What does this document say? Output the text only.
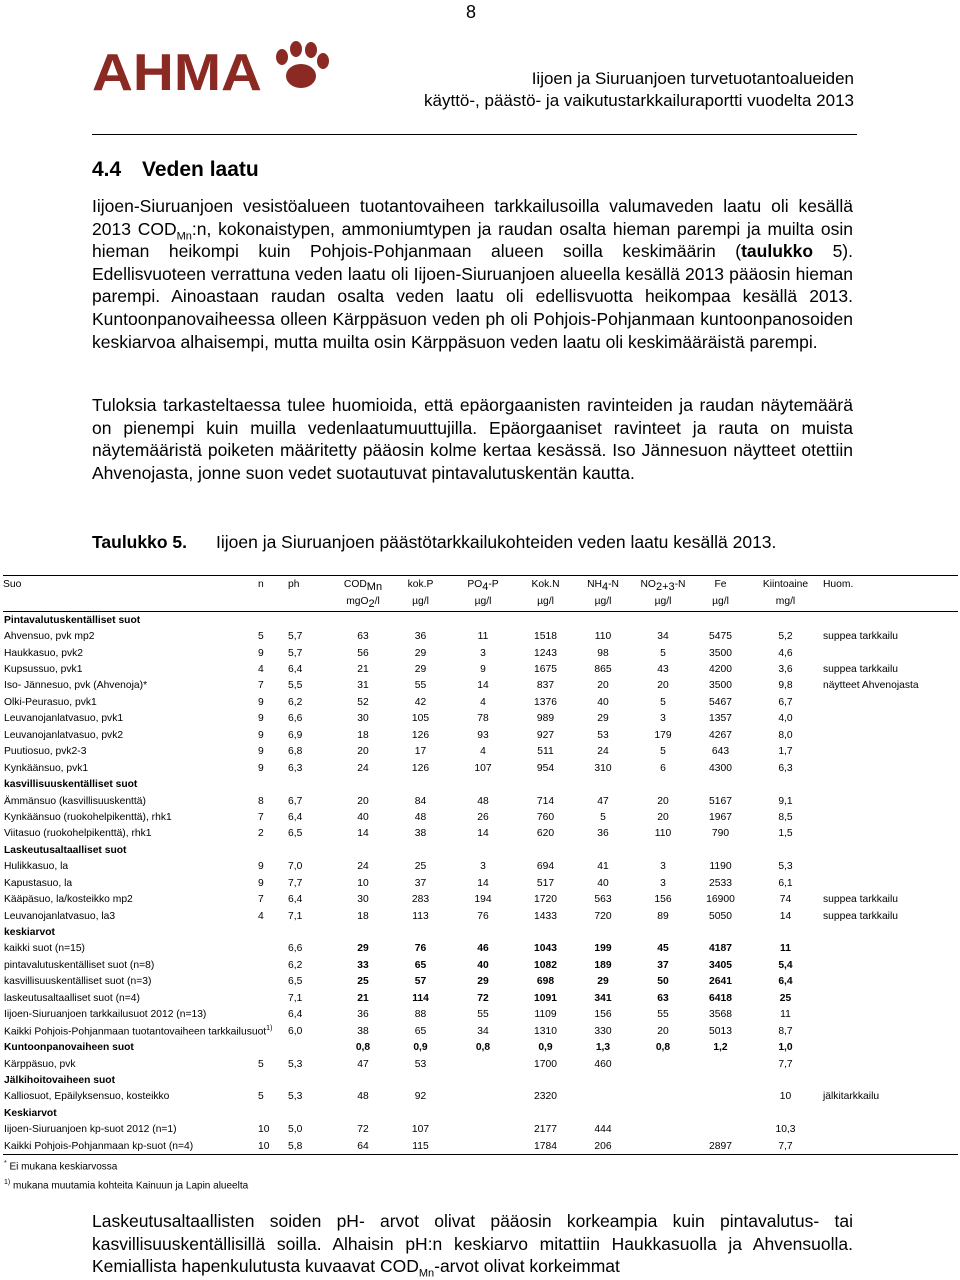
8
AHMA	Iijoen ja Siuruanjoen turvetuotantoalueiden
käyttö-, päästö- ja vaikutustarkkailuraportti vuodelta 2013
4.4 Veden laatu

Iijoen-Siuruanjoen vesistöalueen tuotantovaiheen tarkkailusoilla valumaveden laatu oli kesällä 2013 $COD_{Mn}:n$, kokonaistypen, ammoniumtypen ja raudan osalta hieman parempi ja muilta osin hieman heikompi kuin Pohjois-Pohjanmaan alueen soilla keskimäärin (taulukko 5). Edellisvuoteen verrattuna veden laatu oli Iijoen-Siuruanjoen alueella kesällä 2013 pääosin hieman parempi. Ainoastaan raudan osalta veden laatu oli edellisvuotta heikompaa kesällä 2013. Kuntoonpanovaiheessa olleen Kärppäsuon veden ph oli Pohjois-Pohjanmaan kuntoonpanosoiden keskiarvoa alhaisempi, mutta muilta osin Kärppäsuon veden laatu oli keskimääräistä parempi.

Tuloksia tarkasteltaessa tulee huomioida, että epäorgaanisten ravinteiden ja raudan näytemäärä on pienempi kuin muilla vedenlaatumuuttujilla. Epäorgaaniset ravinteet ja rauta on muista näytemääristä poiketen määritetty pääosin kolme kertaa kesässä. Iso Jännesuon näytteet otettiin Ahvenojasta, jonne suon vedet suotautuvat pintavalutuskentän kautta.

Taulukko 5. Iijoen ja Siuruanjoen päästötarkkailukohteiden veden laatu kesällä 2013.
Suo	n	ph	$COD_{Mn}$	kok.P	$PO_4-P$	Kok.N	$NH_4-N$	$NO_{2+3}-N$	Fe	Kiintoaine	Huom.
			mgO$_2$/l	µg/l	µg/l	µg/l	µg/l	µg/l	µg/l	mg/l	
Pintavalutuskentälliset suot											
Ahvensuo, pvk mp2	5	5,7	63	36	11	1518	110	34	5475	5,2	suppea tarkkailu
Haukkasuo, pvk2	9	5,7	56	29	3	1243	98	5	3500	4,6	
Kupsussuo, pvk1	4	6,4	21	29	9	1675	865	43	4200	3,6	suppea tarkkailu
Iso- Jännesuo, pvk (Ahvenoja)*	7	5,5	31	55	14	837	20	20	3500	9,8	näytteet Ahvenojasta
Olki-Peurasuo, pvk1	9	6,2	52	42	4	1376	40	5	5467	6,7	
Leuvanojanlatvasuo, pvk1	9	6,6	30	105	78	989	29	3	1357	4,0	
Leuvanojanlatvasuo, pvk2	9	6,9	18	126	93	927	53	179	4267	8,0	
Puutiosuo, pvk2-3	9	6,8	20	17	4	511	24	5	643	1,7	
Kynkäänsuo, pvk1	9	6,3	24	126	107	954	310	6	4300	6,3	
kasvillisuuskentälliset suot											
Ämmänsuo (kasvillisuuskenttä)	8	6,7	20	84	48	714	47	20	5167	9,1	
Kynkäänsuo (ruokohelpikenttä), rhk1	7	6,4	40	48	26	760	5	20	1967	8,5	
Viitasuo (ruokohelpikenttä), rhk1	2	6,5	14	38	14	620	36	110	790	1,5	
Laskeutusaltaalliset suot											
Hulikkasuo, la	9	7,0	24	25	3	694	41	3	1190	5,3	
Kapustasuo, la	9	7,7	10	37	14	517	40	3	2533	6,1	
Kääpäsuo, la/kosteikko mp2	7	6,4	30	283	194	1720	563	156	16900	74	suppea tarkkailu
Leuvanojanlatvasuo, la3	4	7,1	18	113	76	1433	720	89	5050	14	suppea tarkkailu
keskiarvot											
kaikki suot (n=15)		6,6	29	76	46	1043	199	45	4187	11	
pintavalutuskentälliset suot (n=8)		6,2	33	65	40	1082	189	37	3405	5,4	
kasvillisuuskentälliset suot (n=3)		6,5	25	57	29	698	29	50	2641	6,4	
laskeutusaltaalliset suot (n=4)		7,1	21	114	72	1091	341	63	6418	25	
Iijoen-Siuruanjoen tarkkailusuot 2012 (n=13)		6,4	36	88	55	1109	156	55	3568	11	
Kaikki Pohjois-Pohjanmaan tuotantovaiheen tarkkailusuot$^{1)}$		6,0	38	65	34	1310	330	20	5013	8,7	
Kuntoonpanovaiheen suot			0,8	0,9	0,8	0,9	1,3	0,8	1,2	1,0	
Kärppäsuo, pvk	5	5,3	47	53		1700	460			7,7	
Jälkihoitovaiheen suot											
Kalliosuot, Epäilyksensuo, kosteikko	5	5,3	48	92		2320				10	jälkitarkkailu
Keskiarvot											
Iijoen-Siuruanjoen kp-suot 2012 (n=1)	10	5,0	72	107		2177	444			10,3	
Kaikki Pohjois-Pohjanmaan kp-suot (n=4)	10	5,8	64	115		1784	206		2897	7,7	
* Ei mukana keskiarvossa
$^{1)}$ mukana muutamia kohteita Kainuun ja Lapin alueelta

Laskeutusaltaallisten soiden pH- arvot olivat pääosin korkeampia kuin pintavalutus- tai kasvillisuuskentällisillä soilla. Alhaisin pH:n keskiarvo mitattiin Haukkasuolla ja Ahvensuolla. Kemiallista hapenkulutusta kuvaavat $COD_{Mn}$-arvot olivat korkeimmat
